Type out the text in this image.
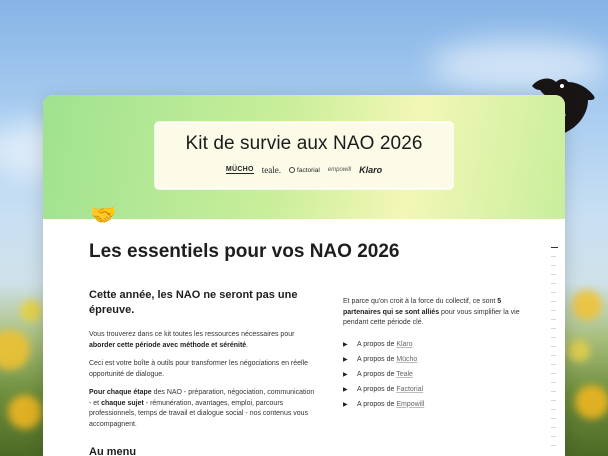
Kit de survie aux NAO 2026
MÜCHO teale. factorial empowill Klaro
🤝
Les essentiels pour vos NAO 2026
Cette année, les NAO ne seront pas une épreuve.

Vous trouverez dans ce kit toutes les ressources nécessaires pour aborder cette période avec méthode et sérénité.

Ceci est votre boîte à outils pour transformer les négociations en réelle opportunité de dialogue.

Pour chaque étape des NAO - préparation, négociation, communication - et chaque sujet - rémunération, avantages, emploi, parcours professionnels, temps de travail et dialogue social - nos contenus vous accompagnent.

Au menu

Et parce qu'on croit à la force du collectif, ce sont 5 partenaires qui se sont alliés pour vous simplifier la vie pendant cette période clé.

▶ A propos de Klaro
▶ A propos de Mücho
▶ A propos de Teale
▶ A propos de Factorial
▶ A propos de Empowill
